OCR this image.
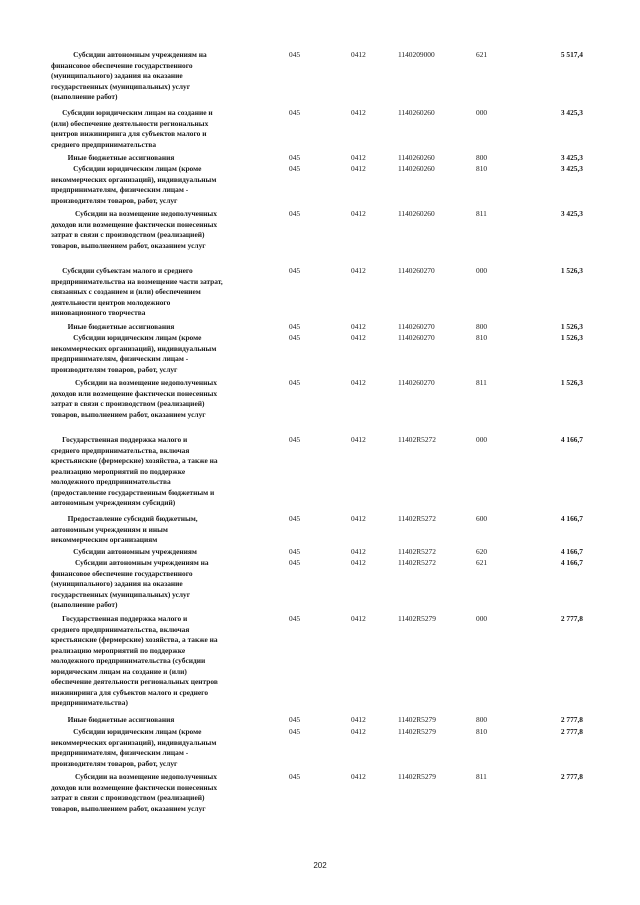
Субсидии автономным учреждениям на
финансовое обеспечение государственного
(муниципального) задания на оказание
государственных (муниципальных) услуг
(выполнение работ)
045	0412	1140209000	621	5 517,4
Субсидии юридическим лицам на создание и
(или) обеспечение деятельности региональных
центров инжиниринга для субъектов малого и
среднего предпринимательства
045	0412	1140260260	000	3 425,3
Иные бюджетные ассигнования	045	0412	1140260260	800	3 425,3
Субсидии юридическим лицам (кроме
некоммерческих организаций), индивидуальным
предпринимателям, физическим лицам -
производителям товаров, работ, услуг
045	0412	1140260260	810	3 425,3
Субсидии на возмещение недополученных
доходов или возмещение фактически понесенных
затрат в связи с производством (реализацией)
товаров, выполнением работ, оказанием услуг
045	0412	1140260260	811	3 425,3
Субсидии субъектам малого и среднего
предпринимательства на возмещение части затрат,
связанных с созданием и (или) обеспечением
деятельности центров молодежного
инновационного творчества
045	0412	1140260270	000	1 526,3
Иные бюджетные ассигнования	045	0412	1140260270	800	1 526,3
Субсидии юридическим лицам (кроме
некоммерческих организаций), индивидуальным
предпринимателям, физическим лицам -
производителям товаров, работ, услуг
045	0412	1140260270	810	1 526,3
Субсидии на возмещение недополученных
доходов или возмещение фактически понесенных
затрат в связи с производством (реализацией)
товаров, выполнением работ, оказанием услуг
045	0412	1140260270	811	1 526,3
Государственная поддержка малого и
среднего предпринимательства, включая
крестьянские (фермерские) хозяйства, а также на
реализацию мероприятий по поддержке
молодежного предпринимательства
(предоставление государственным бюджетным и
автономным учреждениям субсидий)
045	0412	11402R5272	000	4 166,7
Предоставление субсидий бюджетным,
автономным учреждениям и иным
некоммерческим организациям
045	0412	11402R5272	600	4 166,7
Субсидии автономным учреждениям	045	0412	11402R5272	620	4 166,7
Субсидии автономным учреждениям на
финансовое обеспечение государственного
(муниципального) задания на оказание
государственных (муниципальных) услуг
(выполнение работ)
045	0412	11402R5272	621	4 166,7
Государственная поддержка малого и
среднего предпринимательства, включая
крестьянские (фермерские) хозяйства, а также на
реализацию мероприятий по поддержке
молодежного предпринимательства (субсидии
юридическим лицам на создание и (или)
обеспечение деятельности региональных центров
инжиниринга для субъектов малого и среднего
предпринимательства)
045	0412	11402R5279	000	2 777,8
Иные бюджетные ассигнования	045	0412	11402R5279	800	2 777,8
Субсидии юридическим лицам (кроме
некоммерческих организаций), индивидуальным
предпринимателям, физическим лицам -
производителям товаров, работ, услуг
045	0412	11402R5279	810	2 777,8
Субсидии на возмещение недополученных
доходов или возмещение фактически понесенных
затрат в связи с производством (реализацией)
товаров, выполнением работ, оказанием услуг
045	0412	11402R5279	811	2 777,8
202
